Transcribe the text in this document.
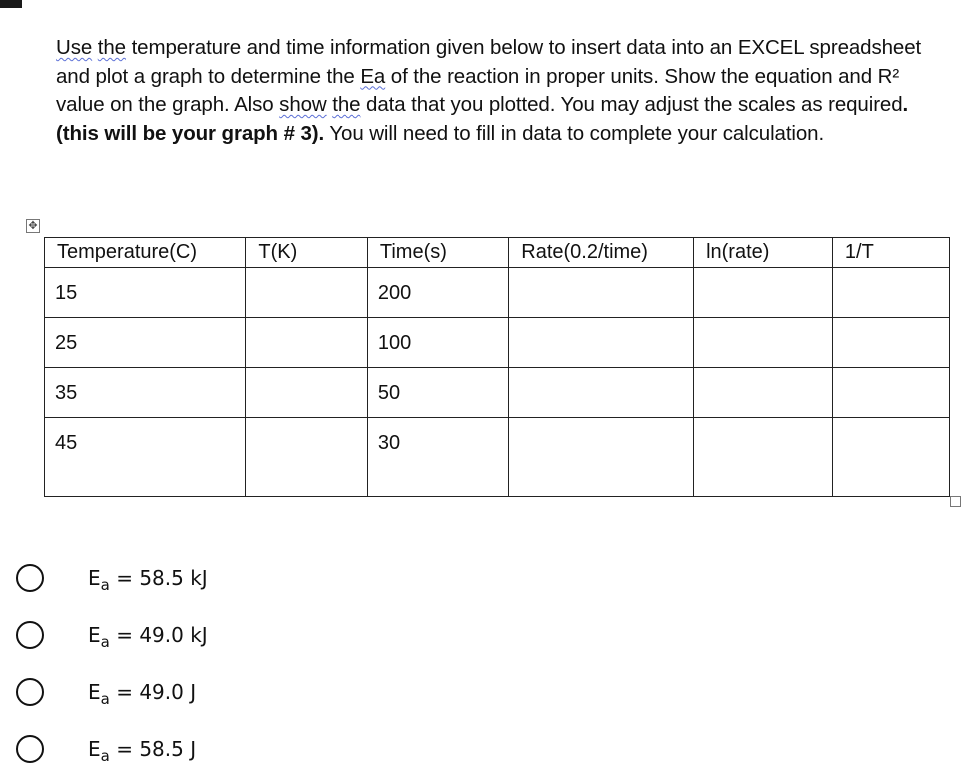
Use the temperature and time information given below to insert data into an EXCEL spreadsheet and plot a graph to determine the Ea of the reaction in proper units. Show the equation and R² value on the graph. Also show the data that you plotted. You may adjust the scales as required.(this will be your graph # 3). You will need to fill in data to complete your calculation.
✥
Temperature(C)	T(K)	Time(s)	Rate(0.2/time)	ln(rate)	1/T
15		200			
25		100			
35		50			
45		30			
$E_a = 58.5$ kJ
$E_a = 49.0$ kJ
$E_a = 49.0$ J
$E_a = 58.5$ J
